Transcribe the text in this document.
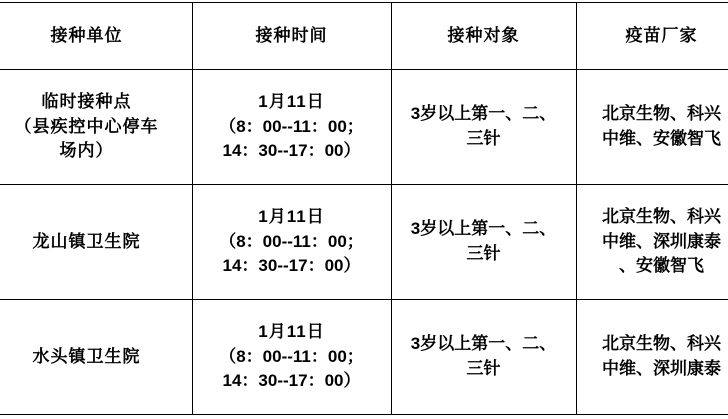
接种单位	接种时间	接种对象	疫苗厂家

临时接种点
（县疾控中心停车
场内）	1月11日
（8：00--11：00；
14：30--17：00）	3岁以上第一、二、
三针	北京生物、科兴
中维、安徽智飞

龙山镇卫生院	1月11日
（8：00--11：00；
14：30--17：00）	3岁以上第一、二、
三针	北京生物、科兴
中维、深圳康泰
、安徽智飞

水头镇卫生院	1月11日
（8：00--11：00；
14：30--17：00）	3岁以上第一、二、
三针	北京生物、科兴
中维、深圳康泰
